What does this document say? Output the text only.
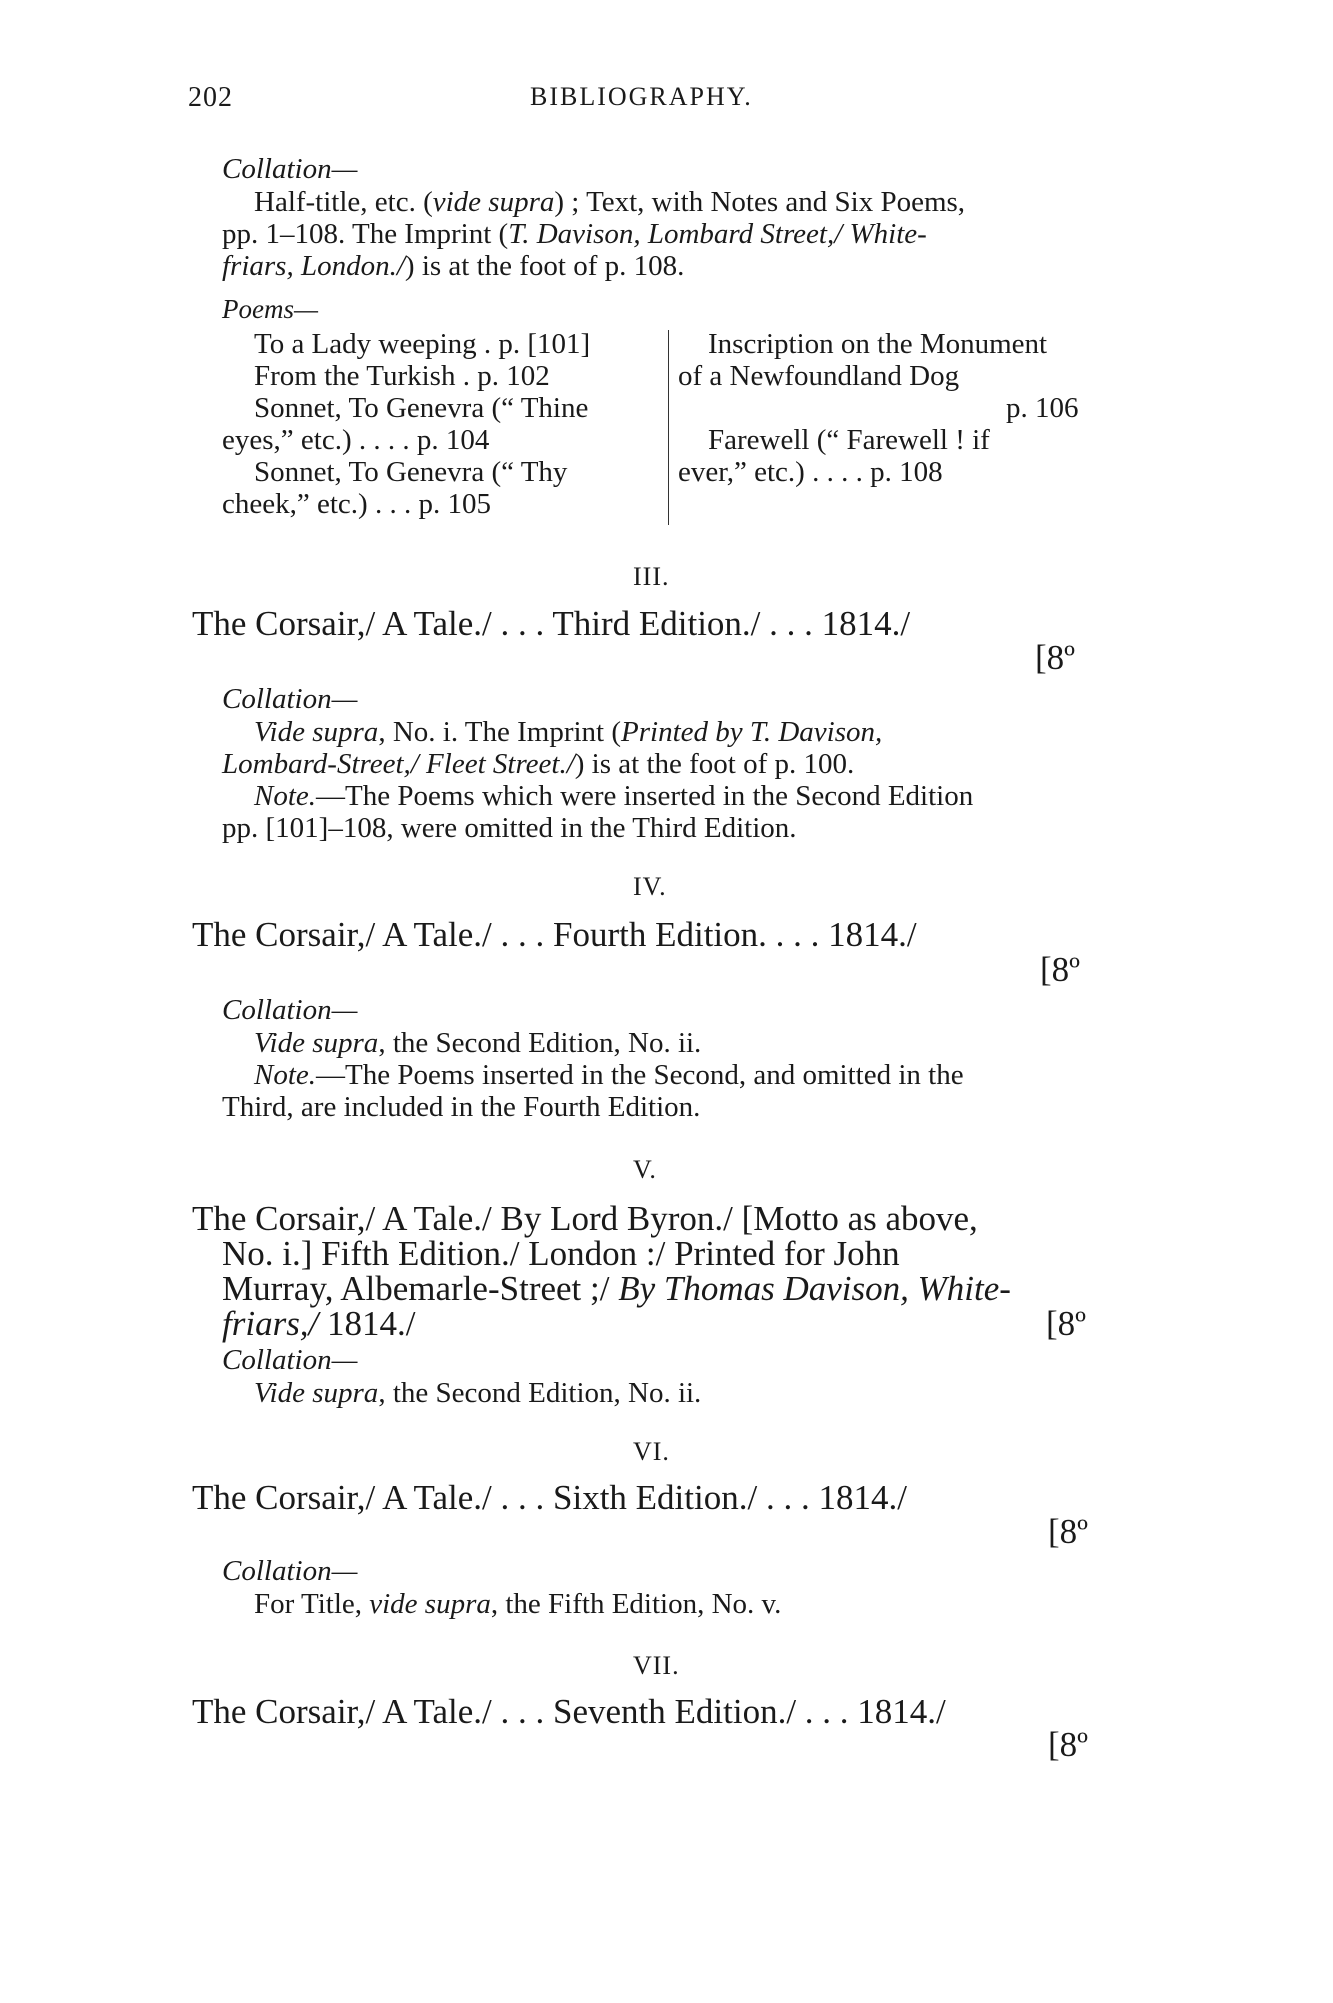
202	BIBLIOGRAPHY.
Collation—
Half-title, etc. (vide supra) ; Text, with Notes and Six Poems,
pp. 1–108. The Imprint (T. Davison, Lombard Street,/ White-
friars, London./) is at the foot of p. 108.
Poems—
To a Lady weeping . p. [101]
From the Turkish . p. 102
Sonnet, To Genevra (“ Thine
eyes,” etc.) . . . . p. 104
Sonnet, To Genevra (“ Thy
cheek,” etc.) . . . p. 105
Inscription on the Monument
of a Newfoundland Dog
p. 106
Farewell (“ Farewell ! if
ever,” etc.) . . . . p. 108
III.
The Corsair,/ A Tale./ . . . Third Edition./ . . . 1814./
[8º
Collation—
Vide supra, No. i. The Imprint (Printed by T. Davison,
Lombard-Street,/ Fleet Street./) is at the foot of p. 100.
Note.—The Poems which were inserted in the Second Edition
pp. [101]–108, were omitted in the Third Edition.
IV.
The Corsair,/ A Tale./ . . . Fourth Edition. . . . 1814./
[8º
Collation—
Vide supra, the Second Edition, No. ii.
Note.—The Poems inserted in the Second, and omitted in the
Third, are included in the Fourth Edition.
V.
The Corsair,/ A Tale./ By Lord Byron./ [Motto as above,
No. i.] Fifth Edition./ London :/ Printed for John
Murray, Albemarle-Street ;/ By Thomas Davison, White-
friars,/ 1814./	[8º
Collation—
Vide supra, the Second Edition, No. ii.
VI.
The Corsair,/ A Tale./ . . . Sixth Edition./ . . . 1814./
[8º
Collation—
For Title, vide supra, the Fifth Edition, No. v.
VII.
The Corsair,/ A Tale./ . . . Seventh Edition./ . . . 1814./
[8º
